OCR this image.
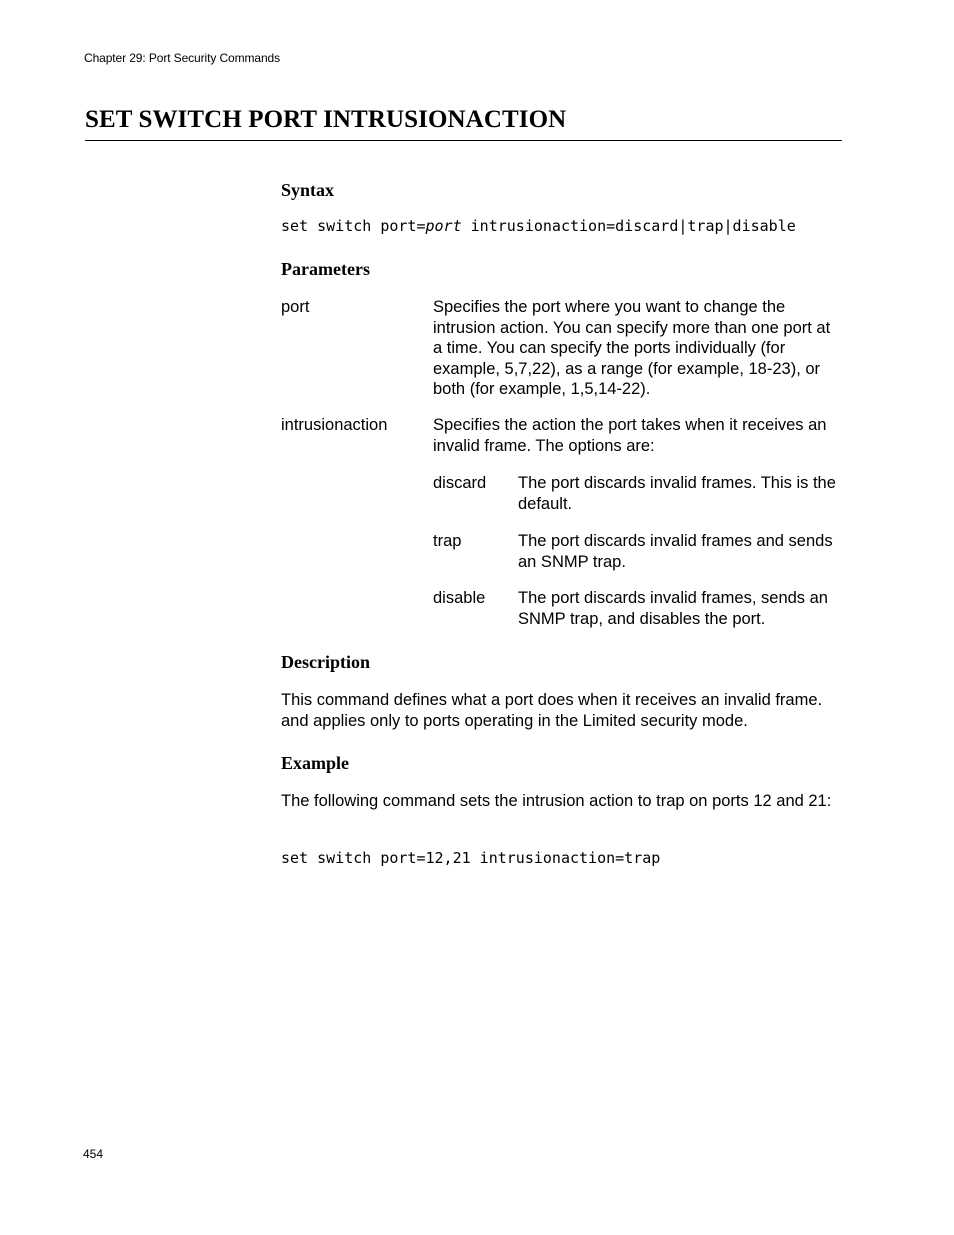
Chapter 29: Port Security Commands
SET SWITCH PORT INTRUSIONACTION
Syntax
set switch port=port intrusionaction=discard|trap|disable
Parameters
port	Specifies the port where you want to change the intrusion action. You can specify more than one port at a time. You can specify the ports individually (for example, 5,7,22), as a range (for example, 18-23), or both (for example, 1,5,14-22).
intrusionaction	Specifies the action the port takes when it receives an invalid frame. The options are:
discard The port discards invalid frames. This is the default.
trap	The port discards invalid frames and sends an SNMP trap.
disable The port discards invalid frames, sends an SNMP trap, and disables the port.
Description
This command defines what a port does when it receives an invalid frame. and applies only to ports operating in the Limited security mode.
Example
The following command sets the intrusion action to trap on ports 12 and 21:
set switch port=12,21 intrusionaction=trap
454
